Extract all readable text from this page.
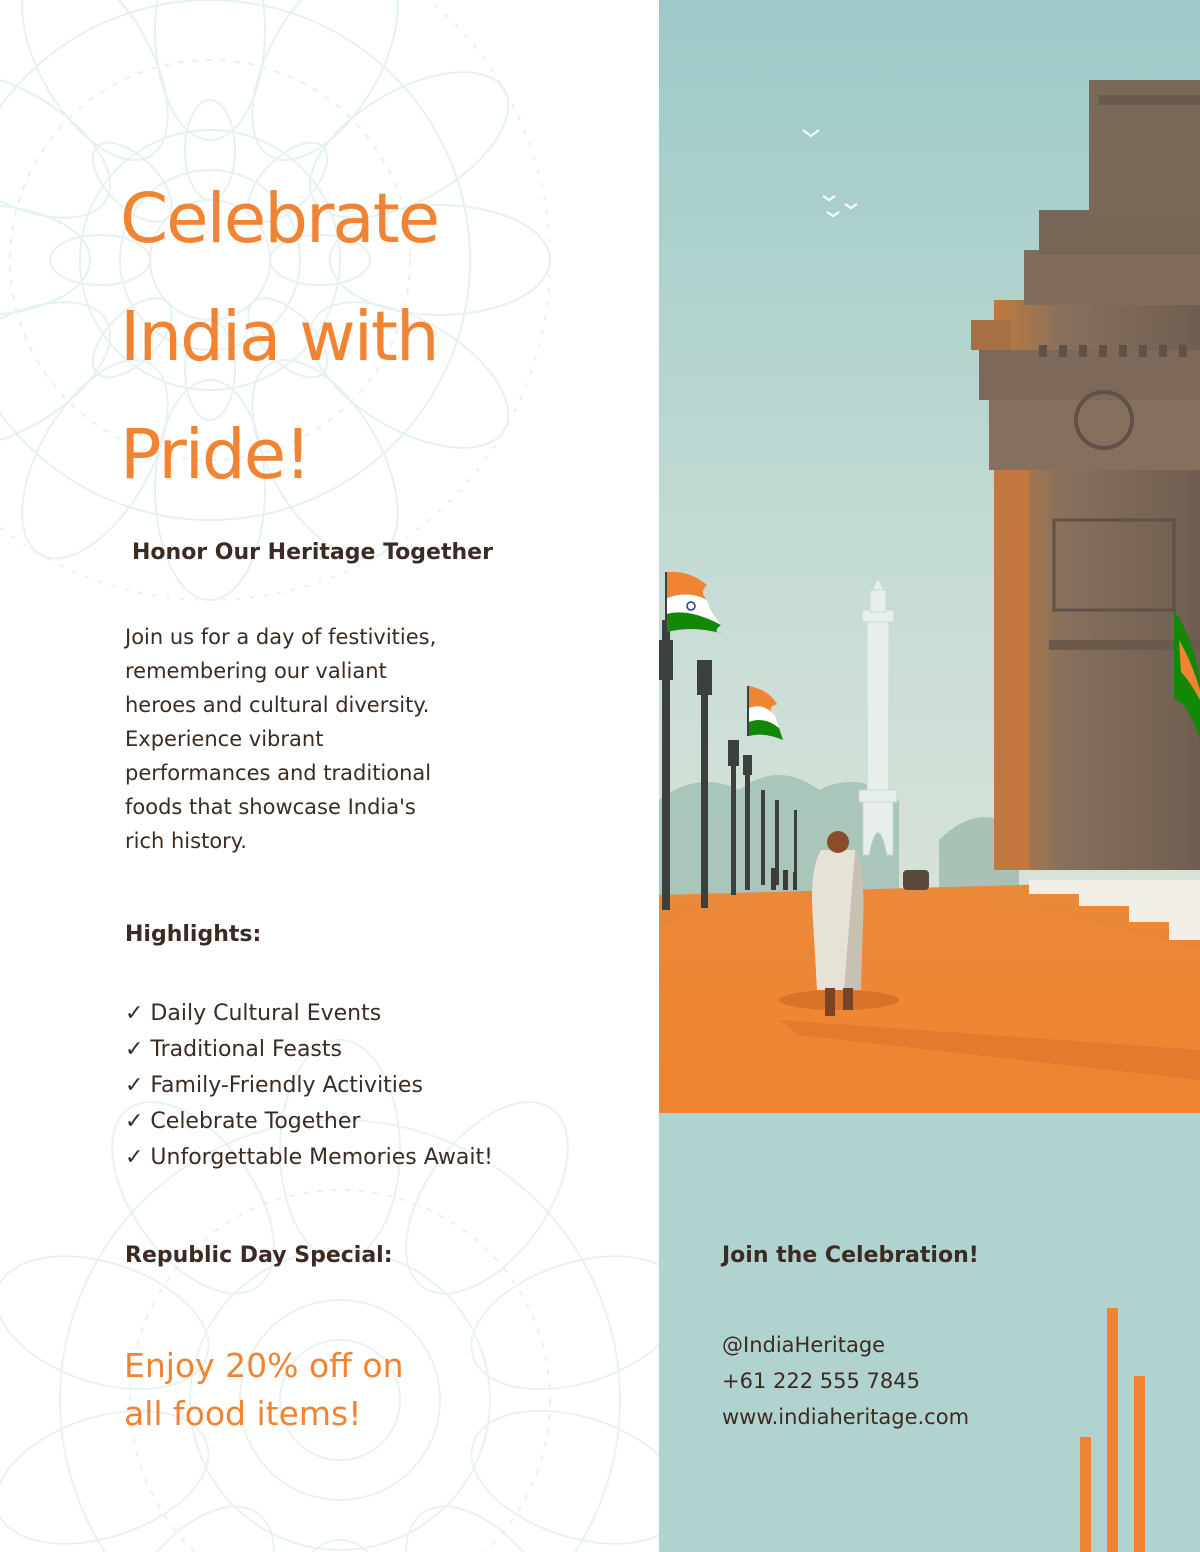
Celebrate
India with
Pride!
Honor Our Heritage Together

Join us for a day of festivities,
remembering our valiant
heroes and cultural diversity.
Experience vibrant
performances and traditional
foods that showcase India's
rich history.

Highlights:
✓ Daily Cultural Events
✓ Traditional Feasts
✓ Family-Friendly Activities
✓ Celebrate Together
✓ Unforgettable Memories Await!
Republic Day Special:

Enjoy 20% off on
all food items!

Join the Celebration!
@IndiaHeritage
+61 222 555 7845
www.indiaheritage.com
